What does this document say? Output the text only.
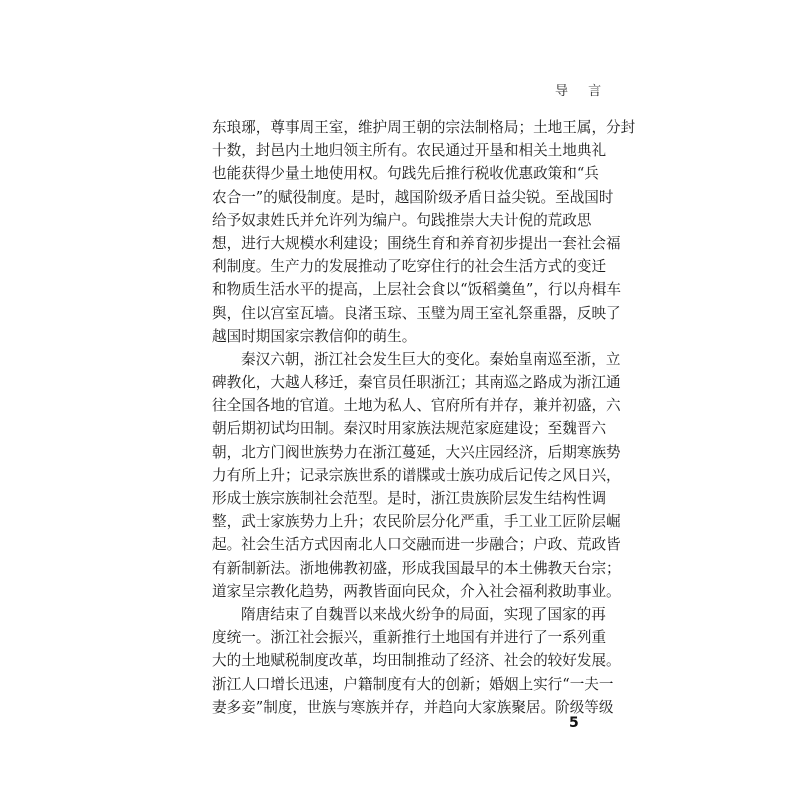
导 言
东琅琊，尊事周王室，维护周王朝的宗法制格局；土地王属，分封
十数，封邑内土地归领主所有。农民通过开垦和相关土地典礼
也能获得少量土地使用权。句践先后推行税收优惠政策和“兵
农合一”的赋役制度。是时，越国阶级矛盾日益尖锐。至战国时
给予奴隶姓氏并允许列为编户。句践推崇大夫计倪的荒政思
想，进行大规模水利建设；围绕生育和养育初步提出一套社会福
利制度。生产力的发展推动了吃穿住行的社会生活方式的变迁
和物质生活水平的提高，上层社会食以“饭稻羹鱼”，行以舟楫车
舆，住以宫室瓦墙。良渚玉琮、玉璧为周王室礼祭重器，反映了
越国时期国家宗教信仰的萌生。
秦汉六朝，浙江社会发生巨大的变化。秦始皇南巡至浙，立
碑教化，大越人移迁，秦官员任职浙江；其南巡之路成为浙江通
往全国各地的官道。土地为私人、官府所有并存，兼并初盛，六
朝后期初试均田制。秦汉时用家族法规范家庭建设；至魏晋六
朝，北方门阀世族势力在浙江蔓延，大兴庄园经济，后期寒族势
力有所上升；记录宗族世系的谱牒或士族功成后记传之风日兴，
形成士族宗族制社会范型。是时，浙江贵族阶层发生结构性调
整，武士家族势力上升；农民阶层分化严重，手工业工匠阶层崛
起。社会生活方式因南北人口交融而进一步融合；户政、荒政皆
有新制新法。浙地佛教初盛，形成我国最早的本土佛教天台宗；
道家呈宗教化趋势，两教皆面向民众，介入社会福利救助事业。
隋唐结束了自魏晋以来战火纷争的局面，实现了国家的再
度统一。浙江社会振兴，重新推行土地国有并进行了一系列重
大的土地赋税制度改革，均田制推动了经济、社会的较好发展。
浙江人口增长迅速，户籍制度有大的创新；婚姻上实行“一夫一
妻多妾”制度，世族与寒族并存，并趋向大家族聚居。阶级等级
5
